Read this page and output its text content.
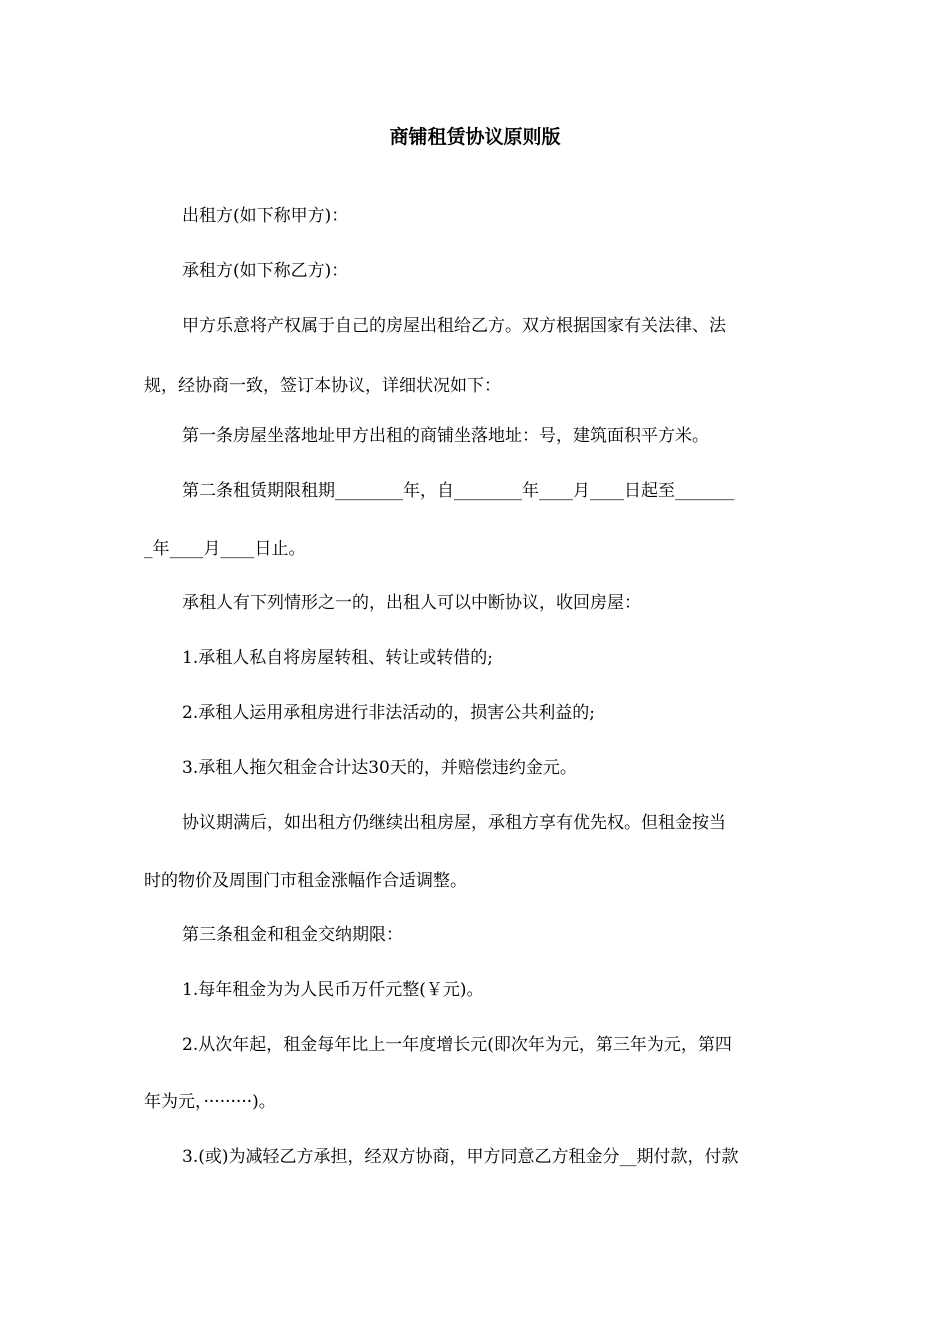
商铺租赁协议原则版
出租方(如下称甲方)：
承租方(如下称乙方)：
甲方乐意将产权属于自己的房屋出租给乙方。双方根据国家有关法律、法
规，经协商一致，签订本协议，详细状况如下：
第一条房屋坐落地址甲方出租的商铺坐落地址：号，建筑面积平方米。
第二条租赁期限租期________年，自________年____月____日起至_______
_年____月____日止。
承租人有下列情形之一的，出租人可以中断协议，收回房屋：
1.承租人私自将房屋转租、转让或转借的;
2.承租人运用承租房进行非法活动的，损害公共利益的;
3.承租人拖欠租金合计达30天的，并赔偿违约金元。
协议期满后，如出租方仍继续出租房屋，承租方享有优先权。但租金按当
时的物价及周围门市租金涨幅作合适调整。
第三条租金和租金交纳期限：
1.每年租金为为人民币万仟元整(￥元)。
2.从次年起，租金每年比上一年度增长元(即次年为元，第三年为元，第四
年为元，·········)。
3.(或)为减轻乙方承担，经双方协商，甲方同意乙方租金分__期付款，付款
